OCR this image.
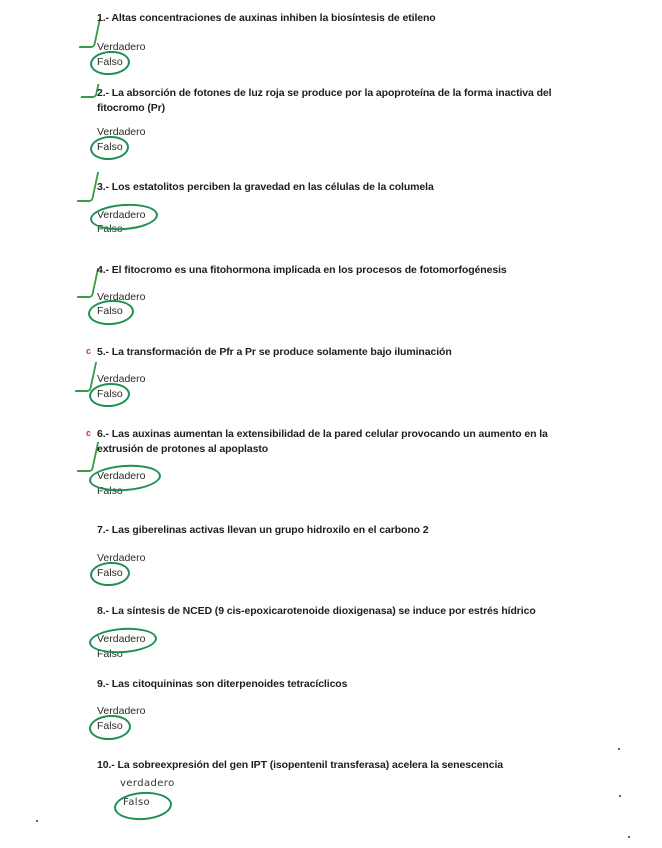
1.- Altas concentraciones de auxinas inhiben la biosíntesis de etileno
Verdadero
Falso
2.- La absorción de fotones de luz roja se produce por la apoproteína de la forma inactiva del fitocromo (Pr)
Verdadero
Falso
3.- Los estatolitos perciben la gravedad en las células de la columela
Verdadero
Falso
4.- El fitocromo es una fitohormona implicada en los procesos de fotomorfogénesis
Verdadero
Falso
c 5.- La transformación de Pfr a Pr se produce solamente bajo iluminación
Verdadero
Falso
c 6.- Las auxinas aumentan la extensibilidad de la pared celular provocando un aumento en la extrusión de protones al apoplasto
Verdadero
Falso
7.- Las giberelinas activas llevan un grupo hidroxilo en el carbono 2
Verdadero
Falso
8.- La síntesis de NCED (9 cis-epoxicarotenoide dioxigenasa) se induce por estrés hídrico
Verdadero
Falso
9.- Las citoquininas son diterpenoides tetracíclicos
Verdadero
Falso
10.- La sobreexpresión del gen IPT (isopentenil transferasa) acelera la senescencia
verdadero
Falso
